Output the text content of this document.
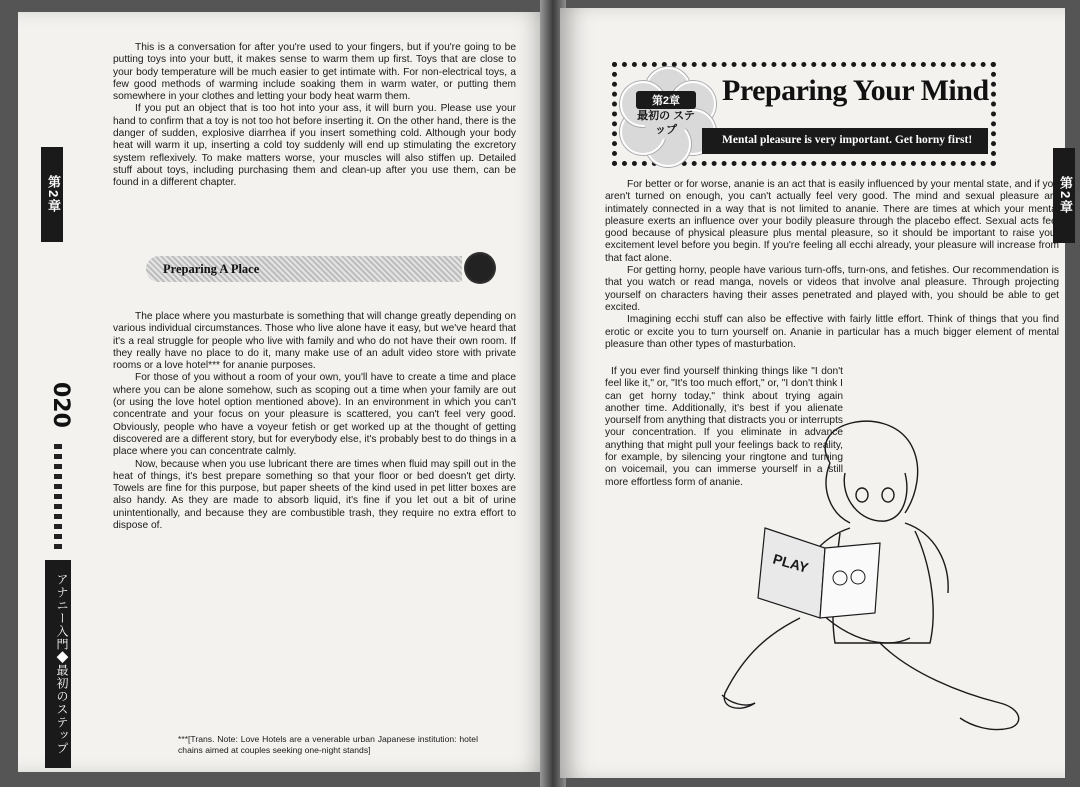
第2章

This is a conversation for after you're used to your fingers, but if you're going to be putting toys into your butt, it makes sense to warm them up first. Toys that are close to your body temperature will be much easier to get intimate with. For non-electrical toys, a few good methods of warming include soaking them in warm water, or putting them somewhere in your clothes and letting your body heat warm them.

If you put an object that is too hot into your ass, it will burn you. Please use your hand to confirm that a toy is not too hot before inserting it. On the other hand, there is the danger of sudden, explosive diarrhea if you insert something cold. Although your body heat will warm it up, inserting a cold toy suddenly will end up stimulating the excretory system reflexively. To make matters worse, your muscles will also stiffen up. Detailed stuff about toys, including purchasing them and clean-up after you use them, can be found in a different chapter.

Preparing A Place

The place where you masturbate is something that will change greatly depending on various individual circumstances. Those who live alone have it easy, but we've heard that it's a real struggle for people who live with family and who do not have their own room. If they really have no place to do it, many make use of an adult video store with private rooms or a love hotel*** for ananie purposes.

For those of you without a room of your own, you'll have to create a time and place where you can be alone somehow, such as scoping out a time when your family are out (or using the love hotel option mentioned above). In an environment in which you can't concentrate and your focus on your pleasure is scattered, you can't feel very good. Obviously, people who have a voyeur fetish or get worked up at the thought of getting discovered are a different story, but for everybody else, it's probably best to do things in a place where you can concentrate calmly.

Now, because when you use lubricant there are times when fluid may spill out in the heat of things, it's best prepare something so that your floor or bed doesn't get dirty. Towels are fine for this purpose, but paper sheets of the kind used in pet litter boxes are also handy. As they are made to absorb liquid, it's fine if you let out a bit of urine unintentionally, and because they are combustible trash, they require no extra effort to dispose of.

***[Trans. Note: Love Hotels are a venerable urban Japanese institution: hotel chains aimed at couples seeking one-night stands]
020
アナニー入門◆最初のステップ
第2章
第2章
最初の ステップ
Preparing Your Mind
Mental pleasure is very important. Get horny first!

For better or for worse, ananie is an act that is easily influenced by your mental state, and if you aren't turned on enough, you can't actually feel very good. The mind and sexual pleasure are intimately connected in a way that is not limited to ananie. There are times at which your mental pleasure exerts an influence over your bodily pleasure through the placebo effect. Sexual acts feel good because of physical pleasure plus mental pleasure, so it should be important to raise your excitement level before you begin. If you're feeling all ecchi already, your pleasure will increase from that fact alone.

For getting horny, people have various turn-offs, turn-ons, and fetishes. Our recommendation is that you watch or read manga, novels or videos that involve anal pleasure. Through projecting yourself on characters having their asses penetrated and played with, you should be able to get excited.

Imagining ecchi stuff can also be effective with fairly little effort. Think of things that you find erotic or excite you to turn yourself on. Ananie in particular has a much bigger element of mental pleasure than other types of masturbation.

If you ever find yourself thinking things like "I don't feel like it," or, "It's too much effort," or, "I don't think I can get horny today," think about trying again another time. Additionally, it's best if you alienate yourself from anything that distracts you or interrupts your concentration. If you eliminate in advance anything that might pull your feelings back to reality, for example, by silencing your ringtone and turning on voicemail, you can immerse yourself in a still more effortless form of ananie.

PLAY
